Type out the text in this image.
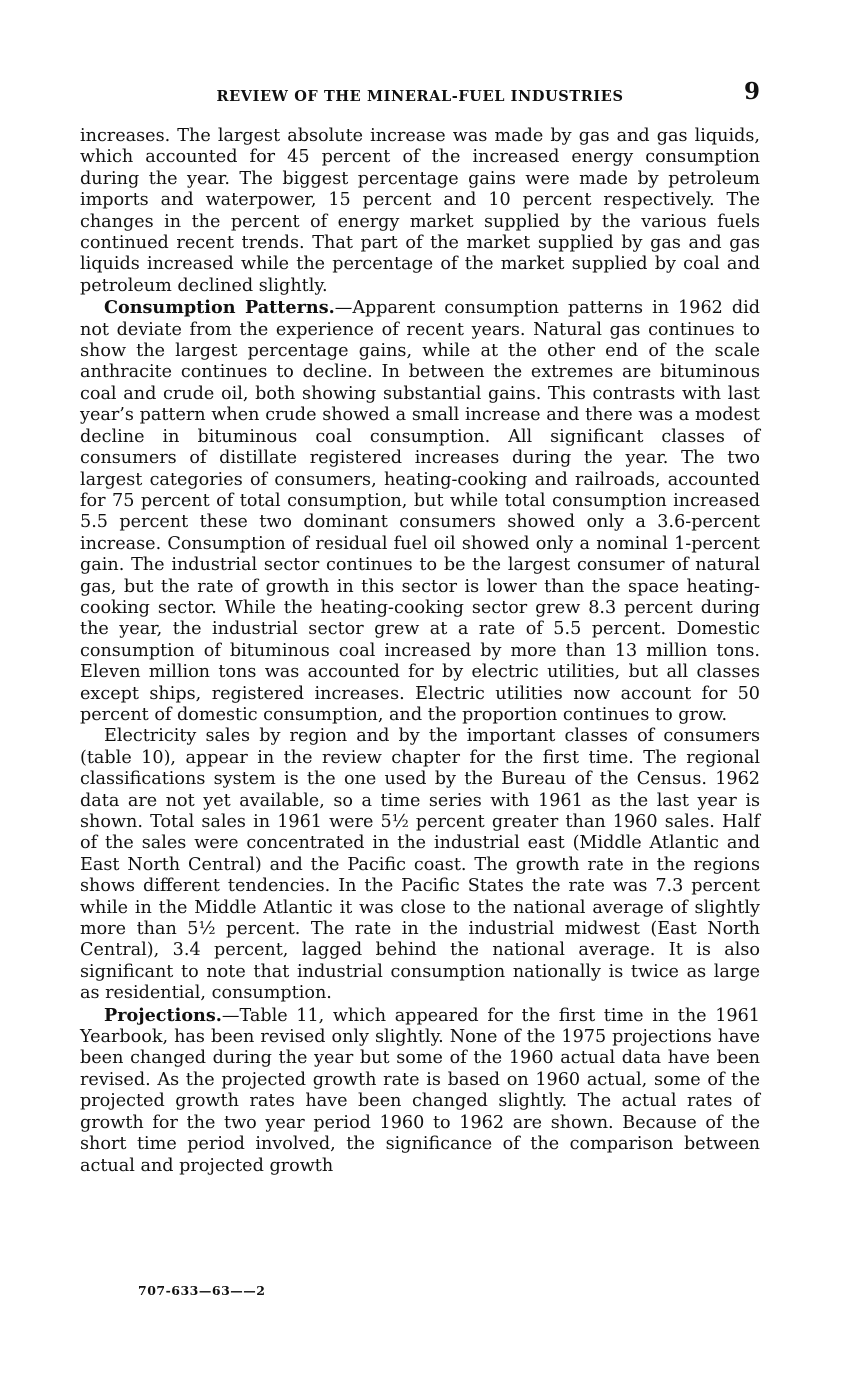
REVIEW OF THE MINERAL-FUEL INDUSTRIES	9

increases. The largest absolute increase was made by gas and gas liquids, which accounted for 45 percent of the increased energy consumption during the year. The biggest percentage gains were made by petroleum imports and waterpower, 15 percent and 10 percent respectively. The changes in the percent of energy market supplied by the various fuels continued recent trends. That part of the market supplied by gas and gas liquids increased while the percentage of the market supplied by coal and petroleum declined slightly.

Consumption Patterns.—Apparent consumption patterns in 1962 did not deviate from the experience of recent years. Natural gas continues to show the largest percentage gains, while at the other end of the scale anthracite continues to decline. In between the extremes are bituminous coal and crude oil, both showing substantial gains. This contrasts with last year’s pattern when crude showed a small increase and there was a modest decline in bituminous coal consumption. All significant classes of consumers of distillate registered increases during the year. The two largest categories of consumers, heating-cooking and railroads, accounted for 75 percent of total consumption, but while total consumption increased 5.5 percent these two dominant consumers showed only a 3.6-percent increase. Consumption of residual fuel oil showed only a nominal 1-percent gain. The industrial sector continues to be the largest consumer of natural gas, but the rate of growth in this sector is lower than the space heating-cooking sector. While the heating-cooking sector grew 8.3 percent during the year, the industrial sector grew at a rate of 5.5 percent. Domestic consumption of bituminous coal increased by more than 13 million tons. Eleven million tons was accounted for by electric utilities, but all classes except ships, registered increases. Electric utilities now account for 50 percent of domestic consumption, and the proportion continues to grow.

Electricity sales by region and by the important classes of consumers (table 10), appear in the review chapter for the first time. The regional classifications system is the one used by the Bureau of the Census. 1962 data are not yet available, so a time series with 1961 as the last year is shown. Total sales in 1961 were 5½ percent greater than 1960 sales. Half of the sales were concentrated in the industrial east (Middle Atlantic and East North Central) and the Pacific coast. The growth rate in the regions shows different tendencies. In the Pacific States the rate was 7.3 percent while in the Middle Atlantic it was close to the national average of slightly more than 5½ percent. The rate in the industrial midwest (East North Central), 3.4 percent, lagged behind the national average. It is also significant to note that industrial consumption nationally is twice as large as residential, consumption.

Projections.—Table 11, which appeared for the first time in the 1961 Yearbook, has been revised only slightly. None of the 1975 projections have been changed during the year but some of the 1960 actual data have been revised. As the projected growth rate is based on 1960 actual, some of the projected growth rates have been changed slightly. The actual rates of growth for the two year period 1960 to 1962 are shown. Because of the short time period involved, the significance of the comparison between actual and projected growth

707-633—63——2
